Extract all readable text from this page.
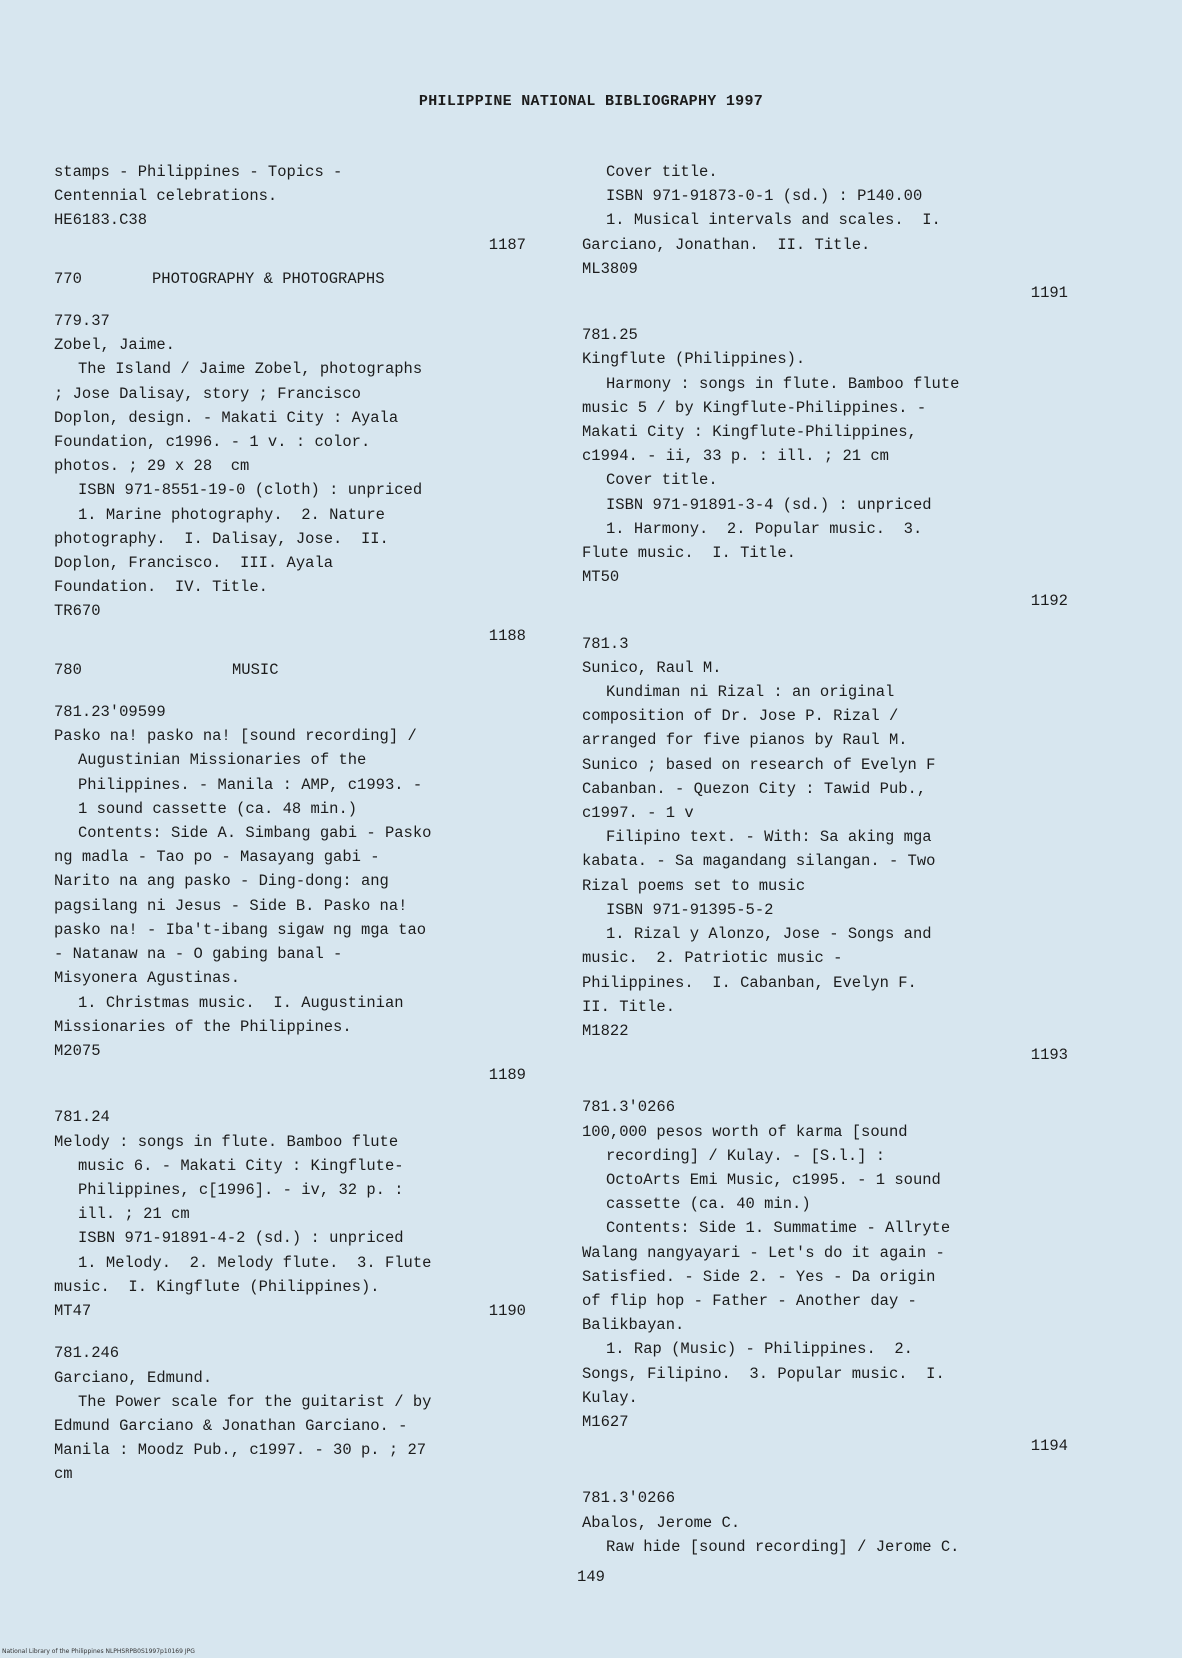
PHILIPPINE NATIONAL BIBLIOGRAPHY 1997
stamps - Philippines - Topics -
Centennial celebrations.
HE6183.C38
1187
770	PHOTOGRAPHY & PHOTOGRAPHS
779.37
Zobel, Jaime.
The Island / Jaime Zobel, photographs
; Jose Dalisay, story ; Francisco
Doplon, design. - Makati City : Ayala
Foundation, c1996. - 1 v. : color.
photos. ; 29 x 28  cm
ISBN 971-8551-19-0 (cloth) : unpriced
1. Marine photography.  2. Nature
photography.  I. Dalisay, Jose.  II.
Doplon, Francisco.  III. Ayala
Foundation.  IV. Title.
TR670
1188
780	MUSIC
781.23'09599
Pasko na! pasko na! [sound recording] /
Augustinian Missionaries of the
Philippines. - Manila : AMP, c1993. -
1 sound cassette (ca. 48 min.)
Contents: Side A. Simbang gabi - Pasko
ng madla - Tao po - Masayang gabi -
Narito na ang pasko - Ding-dong: ang
pagsilang ni Jesus - Side B. Pasko na!
pasko na! - Iba't-ibang sigaw ng mga tao
- Natanaw na - O gabing banal -
Misyonera Agustinas.
1. Christmas music.  I. Augustinian
Missionaries of the Philippines.
M2075
1189
781.24
Melody : songs in flute. Bamboo flute
music 6. - Makati City : Kingflute-
Philippines, c[1996]. - iv, 32 p. :
ill. ; 21 cm
ISBN 971-91891-4-2 (sd.) : unpriced
1. Melody.  2. Melody flute.  3. Flute
music.  I. Kingflute (Philippines).
MT47	1190
781.246
Garciano, Edmund.
The Power scale for the guitarist / by
Edmund Garciano & Jonathan Garciano. -
Manila : Moodz Pub., c1997. - 30 p. ; 27
cm
Cover title.
ISBN 971-91873-0-1 (sd.) : P140.00
1. Musical intervals and scales.  I.
Garciano, Jonathan.  II. Title.
ML3809
1191
781.25
Kingflute (Philippines).
Harmony : songs in flute. Bamboo flute
music 5 / by Kingflute-Philippines. -
Makati City : Kingflute-Philippines,
c1994. - ii, 33 p. : ill. ; 21 cm
Cover title.
ISBN 971-91891-3-4 (sd.) : unpriced
1. Harmony.  2. Popular music.  3.
Flute music.  I. Title.
MT50
1192
781.3
Sunico, Raul M.
Kundiman ni Rizal : an original
composition of Dr. Jose P. Rizal /
arranged for five pianos by Raul M.
Sunico ; based on research of Evelyn F
Cabanban. - Quezon City : Tawid Pub.,
c1997. - 1 v
Filipino text. - With: Sa aking mga
kabata. - Sa magandang silangan. - Two
Rizal poems set to music
ISBN 971-91395-5-2
1. Rizal y Alonzo, Jose - Songs and
music.  2. Patriotic music -
Philippines.  I. Cabanban, Evelyn F.
II. Title.
M1822
1193
781.3'0266
100,000 pesos worth of karma [sound
recording] / Kulay. - [S.l.] :
OctoArts Emi Music, c1995. - 1 sound
cassette (ca. 40 min.)
Contents: Side 1. Summatime - Allryte
Walang nangyayari - Let's do it again -
Satisfied. - Side 2. - Yes - Da origin
of flip hop - Father - Another day -
Balikbayan.
1. Rap (Music) - Philippines.  2.
Songs, Filipino.  3. Popular music.  I.
Kulay.
M1627
1194
781.3'0266
Abalos, Jerome C.
Raw hide [sound recording] / Jerome C.
149
National Library of the Philippines NLPHSRPB0S1997p10169 JPG
